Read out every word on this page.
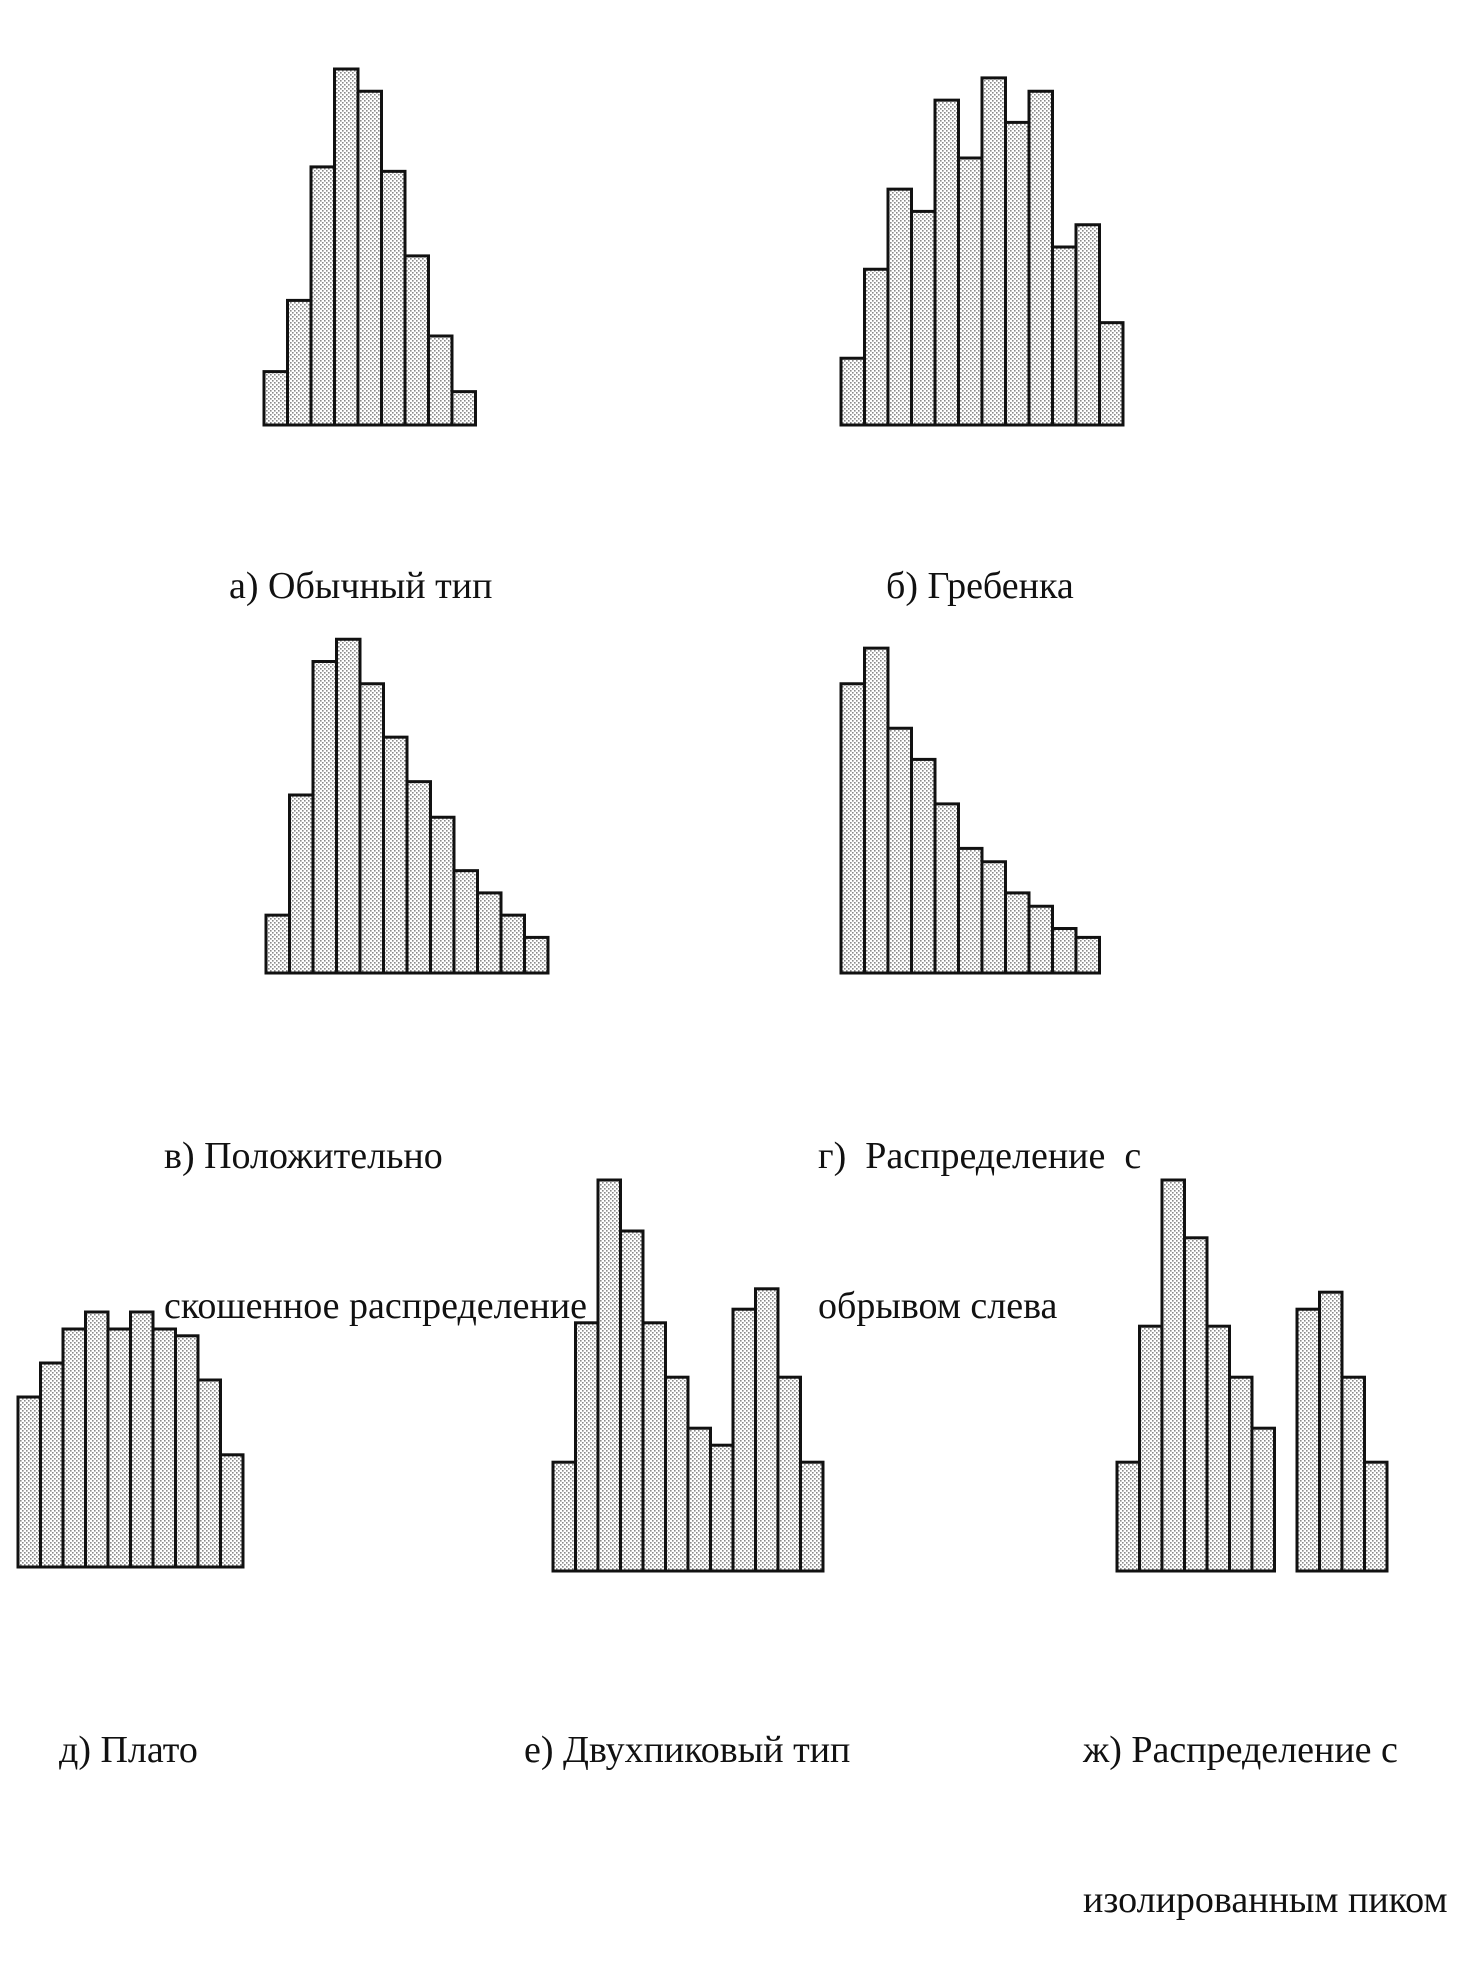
а) Обычный тип

	б) Гребенка

в) Положительно

скошенное распределение

г)  Распределение  с

обрывом слева

д) Плато

	е) Двухпиковый тип

	ж) Распределение с

изолированным пиком
